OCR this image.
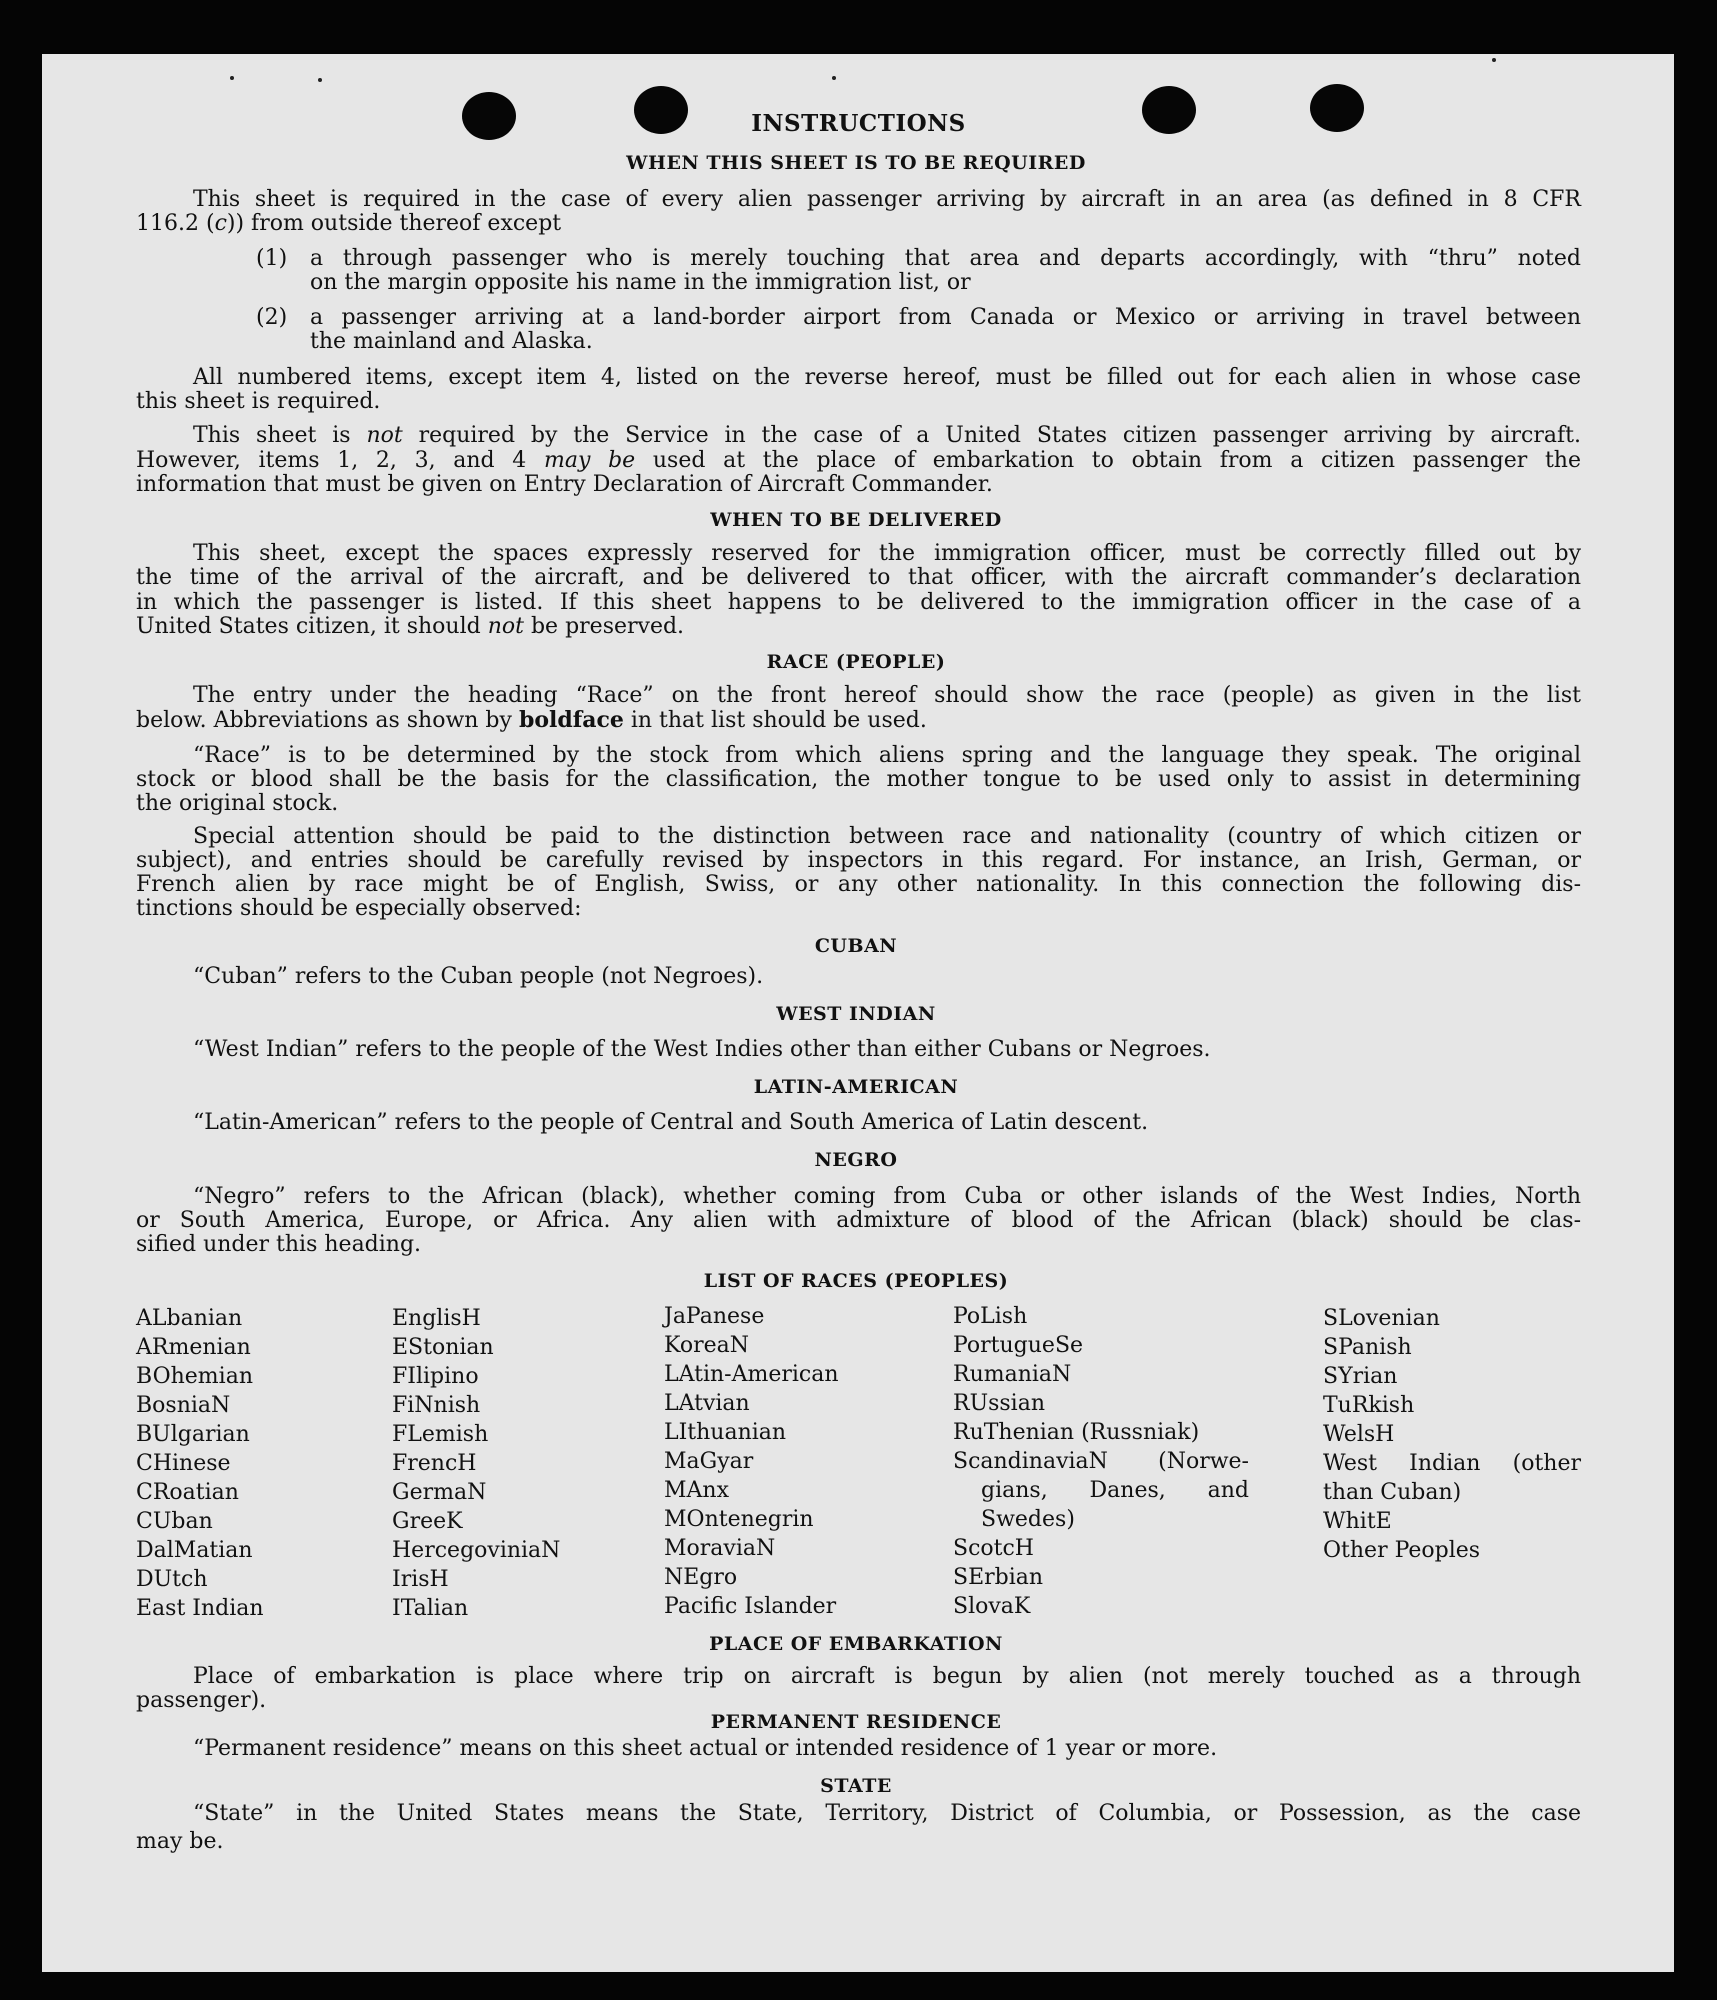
INSTRUCTIONS
WHEN THIS SHEET IS TO BE REQUIRED
This sheet is required in the case of every alien passenger arriving by aircraft in an area (as defined in 8 CFR
116.2 (c)) from outside thereof except
(1) a through passenger who is merely touching that area and departs accordingly, with “thru” noted
on the margin opposite his name in the immigration list, or
(2) a passenger arriving at a land-border airport from Canada or Mexico or arriving in travel between
the mainland and Alaska.
All numbered items, except item 4, listed on the reverse hereof, must be filled out for each alien in whose case
this sheet is required.
This sheet is not required by the Service in the case of a United States citizen passenger arriving by aircraft.
However, items 1, 2, 3, and 4 may be used at the place of embarkation to obtain from a citizen passenger the
information that must be given on Entry Declaration of Aircraft Commander.
WHEN TO BE DELIVERED
This sheet, except the spaces expressly reserved for the immigration officer, must be correctly filled out by
the time of the arrival of the aircraft, and be delivered to that officer, with the aircraft commander’s declaration
in which the passenger is listed. If this sheet happens to be delivered to the immigration officer in the case of a
United States citizen, it should not be preserved.
RACE (PEOPLE)
The entry under the heading “Race” on the front hereof should show the race (people) as given in the list
below. Abbreviations as shown by boldface in that list should be used.
“Race” is to be determined by the stock from which aliens spring and the language they speak. The original
stock or blood shall be the basis for the classification, the mother tongue to be used only to assist in determining
the original stock.
Special attention should be paid to the distinction between race and nationality (country of which citizen or
subject), and entries should be carefully revised by inspectors in this regard. For instance, an Irish, German, or
French alien by race might be of English, Swiss, or any other nationality. In this connection the following dis-
tinctions should be especially observed:
CUBAN
“Cuban” refers to the Cuban people (not Negroes).
WEST INDIAN
“West Indian” refers to the people of the West Indies other than either Cubans or Negroes.
LATIN-AMERICAN
“Latin-American” refers to the people of Central and South America of Latin descent.
NEGRO
“Negro” refers to the African (black), whether coming from Cuba or other islands of the West Indies, North
or South America, Europe, or Africa. Any alien with admixture of blood of the African (black) should be clas-
sified under this heading.
LIST OF RACES (PEOPLES)
ALbanian
ARmenian
BOhemian
BosniaN
BUlgarian
CHinese
CRoatian
CUban
DalMatian
DUtch
East Indian
EnglisH
EStonian
FIlipino
FiNnish
FLemish
FrencH
GermaN
GreeK
HercegoviniaN
IrisH
ITalian
JaPanese
KoreaN
LAtin-American
LAtvian
LIthuanian
MaGyar
MAnx
MOntenegrin
MoraviaN
NEgro
Pacific Islander
PoLish
PortugueSe
RumaniaN
RUssian
RuThenian (Russniak)
ScandinaviaN (Norwe-
gians, Danes, and
Swedes)
ScotcH
SErbian
SlovaK
SLovenian
SPanish
SYrian
TuRkish
WelsH
West Indian (other
than Cuban)
WhitE
Other Peoples
PLACE OF EMBARKATION
Place of embarkation is place where trip on aircraft is begun by alien (not merely touched as a through
passenger).
PERMANENT RESIDENCE
“Permanent residence” means on this sheet actual or intended residence of 1 year or more.
STATE
“State” in the United States means the State, Territory, District of Columbia, or Possession, as the case
may be.
